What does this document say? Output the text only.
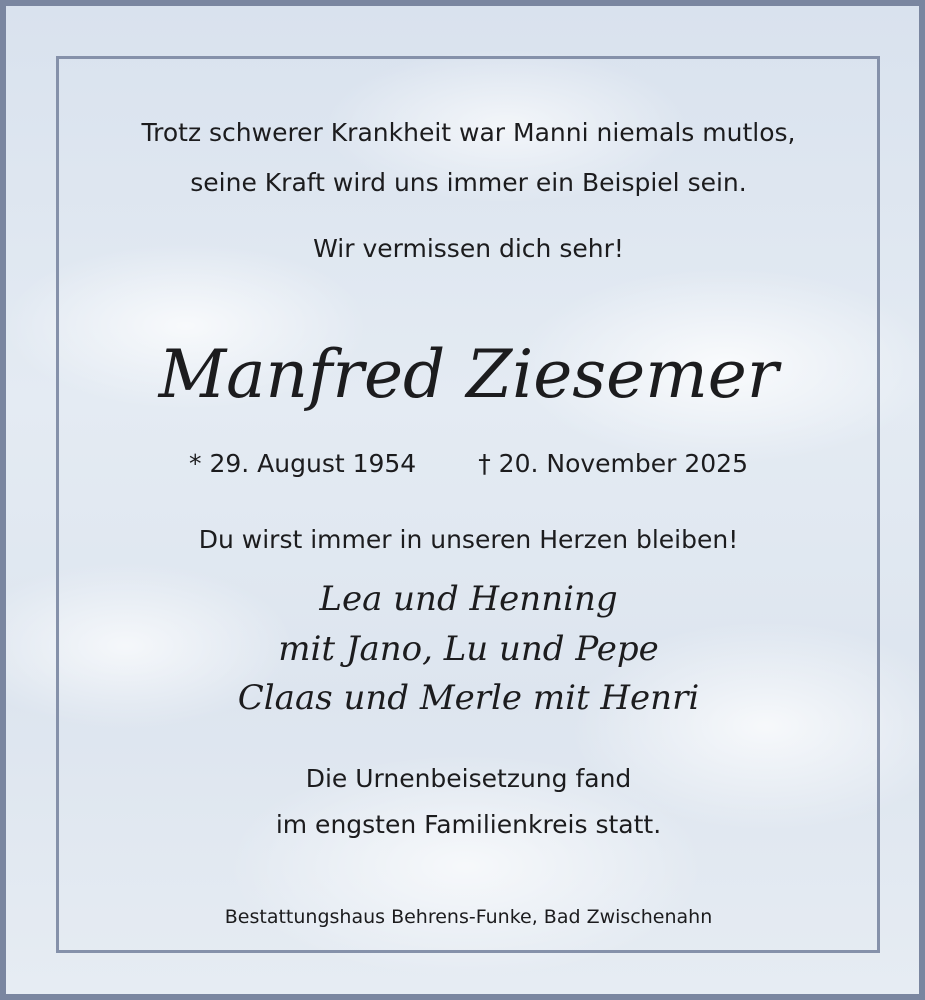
Trotz schwerer Krankheit war Manni niemals mutlos,
seine Kraft wird uns immer ein Beispiel sein.
Wir vermissen dich sehr!
Manfred Ziesemer
* 29. August 1954 † 20. November 2025
Du wirst immer in unseren Herzen bleiben!
Lea und Henning
mit Jano, Lu und Pepe
Claas und Merle mit Henri
Die Urnenbeisetzung fand
im engsten Familienkreis statt.
Bestattungshaus Behrens-Funke, Bad Zwischenahn
